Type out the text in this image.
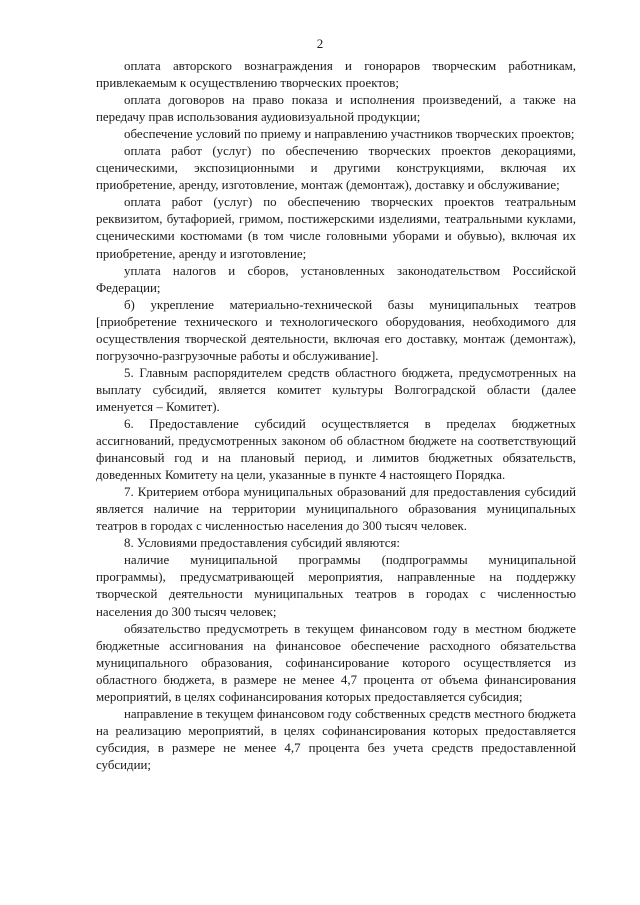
2

оплата авторского вознаграждения и гонораров творческим работникам, привлекаемым к осуществлению творческих проектов;

оплата договоров на право показа и исполнения произведений, а также на передачу прав использования аудиовизуальной продукции;

обеспечение условий по приему и направлению участников творческих проектов;

оплата работ (услуг) по обеспечению творческих проектов декорациями, сценическими, экспозиционными и другими конструкциями, включая их приобретение, аренду, изготовление, монтаж (демонтаж), доставку и обслуживание;

оплата работ (услуг) по обеспечению творческих проектов театральным реквизитом, бутафорией, гримом, постижерскими изделиями, театральными куклами, сценическими костюмами (в том числе головными уборами и обувью), включая их приобретение, аренду и изготовление;

уплата налогов и сборов, установленных законодательством Российской Федерации;

б) укрепление материально-технической базы муниципальных театров [приобретение технического и технологического оборудования, необходимого для осуществления творческой деятельности, включая его доставку, монтаж (демонтаж), погрузочно-разгрузочные работы и обслуживание].

5. Главным распорядителем средств областного бюджета, предусмотренных на выплату субсидий, является комитет культуры Волгоградской области (далее именуется – Комитет).

6. Предоставление субсидий осуществляется в пределах бюджетных ассигнований, предусмотренных законом об областном бюджете на соответствующий финансовый год и на плановый период, и лимитов бюджетных обязательств, доведенных Комитету на цели, указанные в пункте 4 настоящего Порядка.

7. Критерием отбора муниципальных образований для предоставления субсидий является наличие на территории муниципального образования муниципальных театров в городах с численностью населения до 300 тысяч человек.

8. Условиями предоставления субсидий являются:

наличие муниципальной программы (подпрограммы муниципальной программы), предусматривающей мероприятия, направленные на поддержку творческой деятельности муниципальных театров в городах с численностью населения до 300 тысяч человек;

обязательство предусмотреть в текущем финансовом году в местном бюджете бюджетные ассигнования на финансовое обеспечение расходного обязательства муниципального образования, софинансирование которого осуществляется из областного бюджета, в размере не менее 4,7 процента от объема финансирования мероприятий, в целях софинансирования которых предоставляется субсидия;

направление в текущем финансовом году собственных средств местного бюджета на реализацию мероприятий, в целях софинансирования которых предоставляется субсидия, в размере не менее 4,7 процента без учета средств предоставленной субсидии;
